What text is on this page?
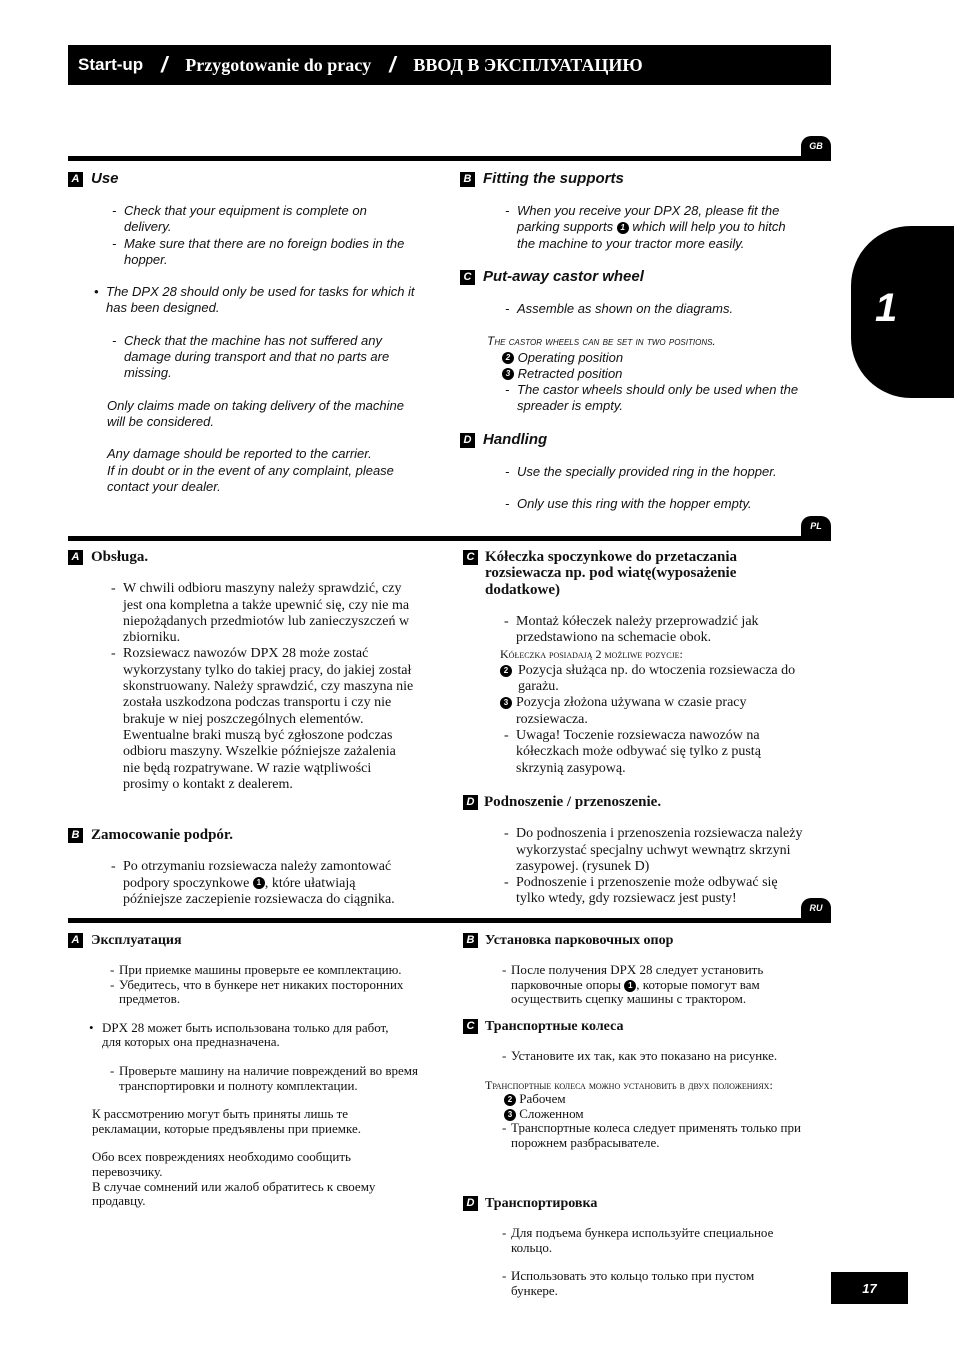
Start-up / Przygotowanie do pracy / ВВОД В ЭКСПЛУАТАЦИЮ
1
GB
A Use
- Check that your equipment is complete on delivery.
- Make sure that there are no foreign bodies in the hopper.
• The DPX 28 should only be used for tasks for which it has been designed.
- Check that the machine has not suffered any damage during transport and that no parts are missing.

Only claims made on taking delivery of the machine will be considered.

Any damage should be reported to the carrier.

If in doubt or in the event of any complaint, please contact your dealer.

B Fitting the supports
- When you receive your DPX 28, please fit the parking supports 1 which will help you to hitch the machine to your tractor more easily.
C Put-away castor wheel
- Assemble as shown on the diagrams.

The castor wheels can be set in two positions.

2 Operating position

3 Retracted position

- The castor wheels should only be used when the spreader is empty.
D Handling
- Use the specially provided ring in the hopper.
- Only use this ring with the hopper empty.
PL
A Obsługa.
- W chwili odbioru maszyny należy sprawdzić, czy jest ona kompletna a także upewnić się, czy nie ma niepożądanych przedmiotów lub zanieczyszczeń w zbiorniku.
- Rozsiewacz nawozów DPX 28 może zostać wykorzystany tylko do takiej pracy, do jakiej został skonstruowany. Należy sprawdzić, czy maszyna nie została uszkodzona podczas transportu i czy nie brakuje w niej poszczególnych elementów.
Ewentualne braki muszą być zgłoszone podczas odbioru maszyny. Wszelkie późniejsze zażalenia nie będą rozpatrywane. W razie wątpliwości prosimy o kontakt z dealerem.
B Zamocowanie podpór.
- Po otrzymaniu rozsiewacza należy zamontować podpory spoczynkowe 1 , które ułatwiają późniejsze zaczepienie rozsiewacza do ciągnika.
C Kółeczka spoczynkowe do przetaczania rozsiewacza np. pod wiatę(wyposażenie dodatkowe)
- Montaż kółeczek należy przeprowadzić jak przedstawiono na schemacie obok.

Kółeczka posiadają 2 możliwe pozycje:

2 Pozycja służąca np. do wtoczenia rozsiewacza do garażu.
3 Pozycja złożona używana w czasie pracy rozsiewacza.
- Uwaga! Toczenie rozsiewacza nawozów na kółeczkach może odbywać się tylko z pustą skrzynią zasypową.
D Podnoszenie / przenoszenie.
- Do podnoszenia i przenoszenia rozsiewacza należy wykorzystać specjalny uchwyt wewnątrz skrzyni zasypowej. (rysunek D)
- Podnoszenie i przenoszenie może odbywać się tylko wtedy, gdy rozsiewacz jest pusty!
RU
A Эксплуатация
- При приемке машины проверьте ее комплектацию.
- Убедитесь, что в бункере нет никаких посторонних предметов.
• DPX 28 может быть использована только для работ, для которых она предназначена.
- Проверьте машину на наличие повреждений во время транспортировки и полноту комплектации.

К рассмотрению могут быть приняты лишь те рекламации, которые предъявлены при приемке.

Обо всех повреждениях необходимо сообщить перевозчику.

В случае сомнений или жалоб обратитесь к своему продавцу.

B Установка парковочных опор
- После получения DPX 28 следует установить парковочные опоры 1 , которые помогут вам осуществить сцепку машины с трактором.
C Транспортные колеса
- Установите их так, как это показано на рисунке.

Транспортные колеса можно установить в двух положениях:

2 Рабочем

3 Сложенном

- Транспортные колеса следует применять только при порожнем разбрасывателе.
D Транспортировка
- Для подъема бункера используйте специальное кольцо.
- Использовать это кольцо только при пустом бункере.	17
